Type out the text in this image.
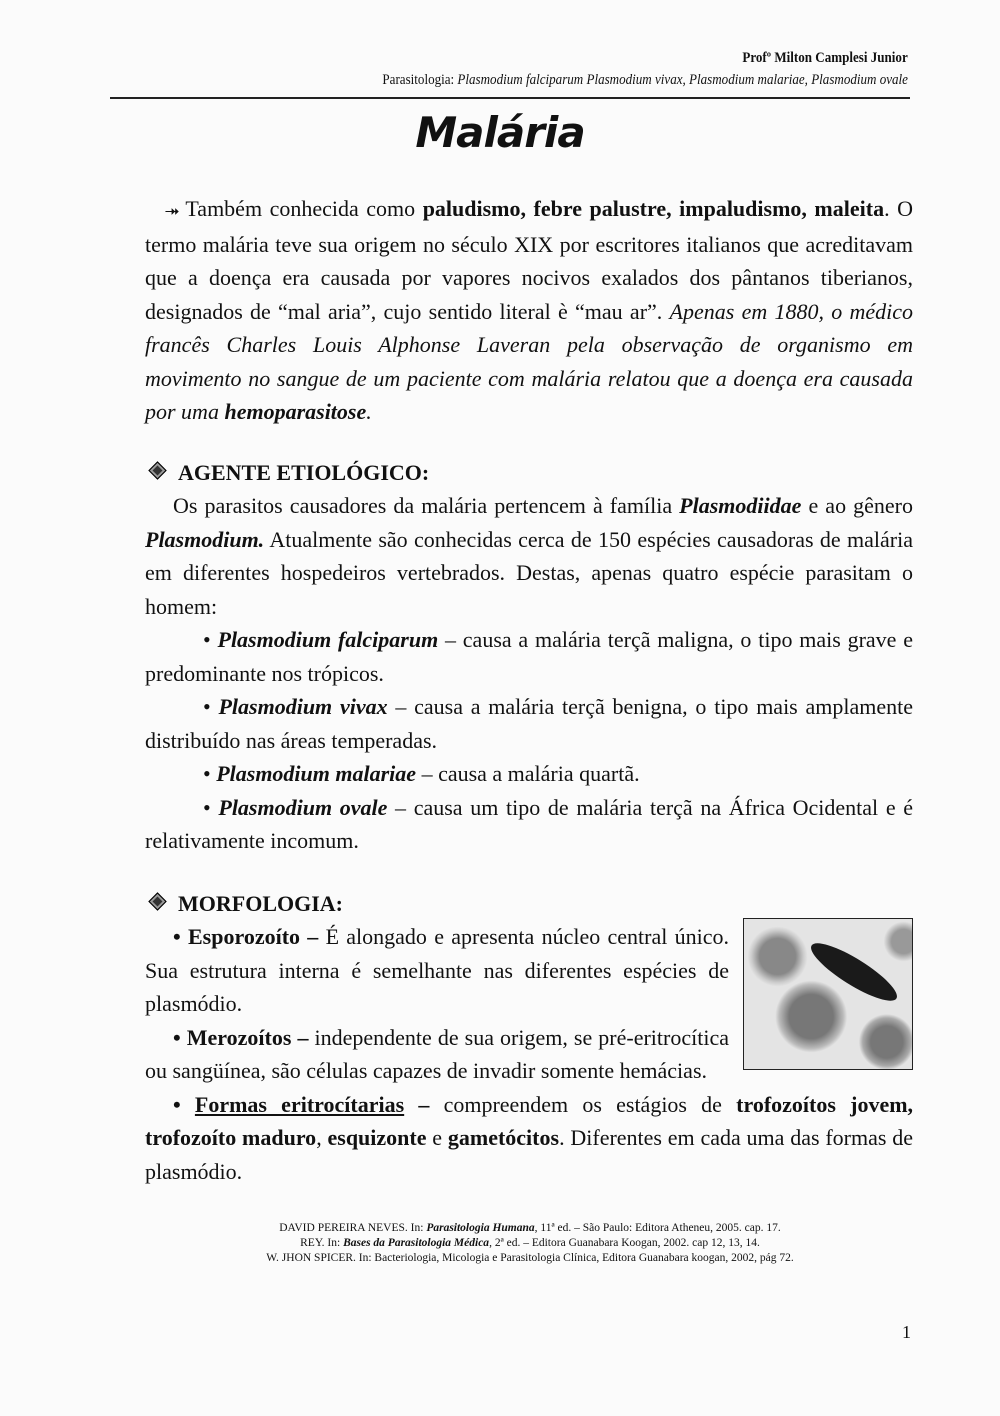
Profº Milton Camplesi Junior
Parasitologia: Plasmodium falciparum Plasmodium vivax, Plasmodium malariae, Plasmodium ovale
Malária

⯮ Também conhecida como paludismo, febre palustre, impaludismo, maleita. O termo malária teve sua origem no século XIX por escritores italianos que acreditavam que a doença era causada por vapores nocivos exalados dos pântanos tiberianos, designados de “mal aria”, cujo sentido literal è “mau ar”. Apenas em 1880, o médico francês Charles Louis Alphonse Laveran pela observação de organismo em movimento no sangue de um paciente com malária relatou que a doença era causada por uma hemoparasitose.

AGENTE ETIOLÓGICO:

Os parasitos causadores da malária pertencem à família Plasmodiidae e ao gênero Plasmodium. Atualmente são conhecidas cerca de 150 espécies causadoras de malária em diferentes hospedeiros vertebrados. Destas, apenas quatro espécie parasitam o homem:

• Plasmodium falciparum – causa a malária terçã maligna, o tipo mais grave e predominante nos trópicos.

• Plasmodium vivax – causa a malária terçã benigna, o tipo mais amplamente distribuído nas áreas temperadas.

• Plasmodium malariae – causa a malária quartã.

• Plasmodium ovale – causa um tipo de malária terçã na África Ocidental e é relativamente incomum.

MORFOLOGIA:

• Esporozoíto – É alongado e apresenta núcleo central único. Sua estrutura interna é semelhante nas diferentes espécies de plasmódio.

• Merozoítos – independente de sua origem, se pré-eritrocítica ou sangüínea, são células capazes de invadir somente hemácias.

• Formas eritrocítarias – compreendem os estágios de trofozoítos jovem, trofozoíto maduro, esquizonte e gametócitos. Diferentes em cada uma das formas de plasmódio.

DAVID PEREIRA NEVES. In: Parasitologia Humana, 11ª ed. – São Paulo: Editora Atheneu, 2005. cap. 17.
REY. In: Bases da Parasitologia Médica, 2ª ed. – Editora Guanabara Koogan, 2002. cap 12, 13, 14.
W. JHON SPICER. In: Bacteriologia, Micologia e Parasitologia Clínica, Editora Guanabara koogan, 2002, pág 72.
1
